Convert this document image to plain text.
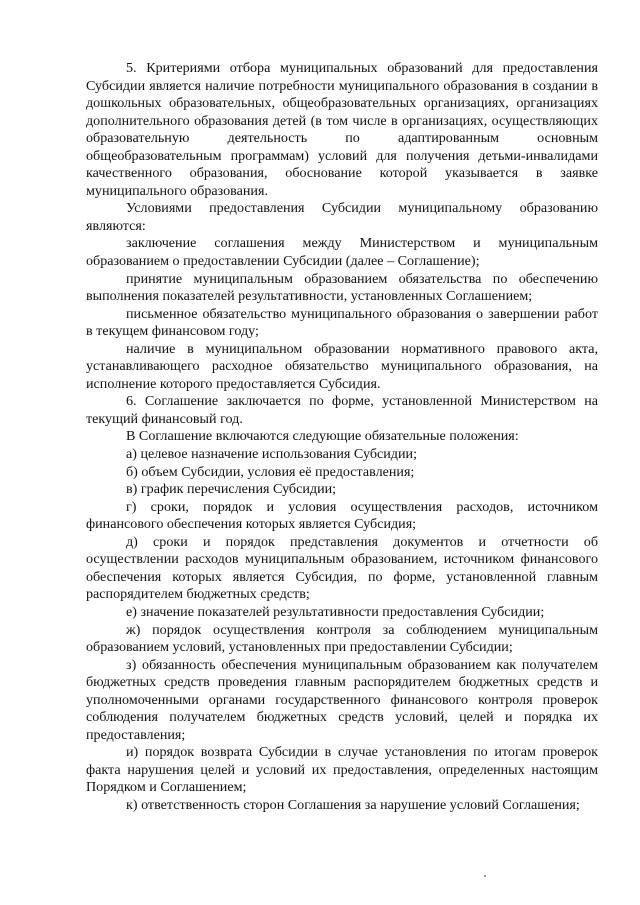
5. Критериями отбора муниципальных образований для предоставления Субсидии является наличие потребности муниципального образования в создании в дошкольных образовательных, общеобразовательных организациях, организациях дополнительного образования детей (в том числе в организациях, осуществляющих образовательную деятельность по адаптированным основным общеобразовательным программам) условий для получения детьми-инвалидами качественного образования, обоснование которой указывается в заявке муниципального образования.

Условиями предоставления Субсидии муниципальному образованию являются:

заключение соглашения между Министерством и муниципальным образованием о предоставлении Субсидии (далее – Соглашение);

принятие муниципальным образованием обязательства по обеспечению выполнения показателей результативности, установленных Соглашением;

письменное обязательство муниципального образования о завершении работ в текущем финансовом году;

наличие в муниципальном образовании нормативного правового акта, устанавливающего расходное обязательство муниципального образования, на исполнение которого предоставляется Субсидия.

6. Соглашение заключается по форме, установленной Министерством на текущий финансовый год.

В Соглашение включаются следующие обязательные положения:

а) целевое назначение использования Субсидии;

б) объем Субсидии, условия её предоставления;

в) график перечисления Субсидии;

г) сроки, порядок и условия осуществления расходов, источником финансового обеспечения которых является Субсидия;

д) сроки и порядок представления документов и отчетности об осуществлении расходов муниципальным образованием, источником финансового обеспечения которых является Субсидия, по форме, установленной главным распорядителем бюджетных средств;

е) значение показателей результативности предоставления Субсидии;

ж) порядок осуществления контроля за соблюдением муниципальным образованием условий, установленных при предоставлении Субсидии;

з) обязанность обеспечения муниципальным образованием как получателем бюджетных средств проведения главным распорядителем бюджетных средств и уполномоченными органами государственного финансового контроля проверок соблюдения получателем бюджетных средств условий, целей и порядка их предоставления;

и) порядок возврата Субсидии в случае установления по итогам проверок факта нарушения целей и условий их предоставления, определенных настоящим Порядком и Соглашением;

к) ответственность сторон Соглашения за нарушение условий Соглашения;
